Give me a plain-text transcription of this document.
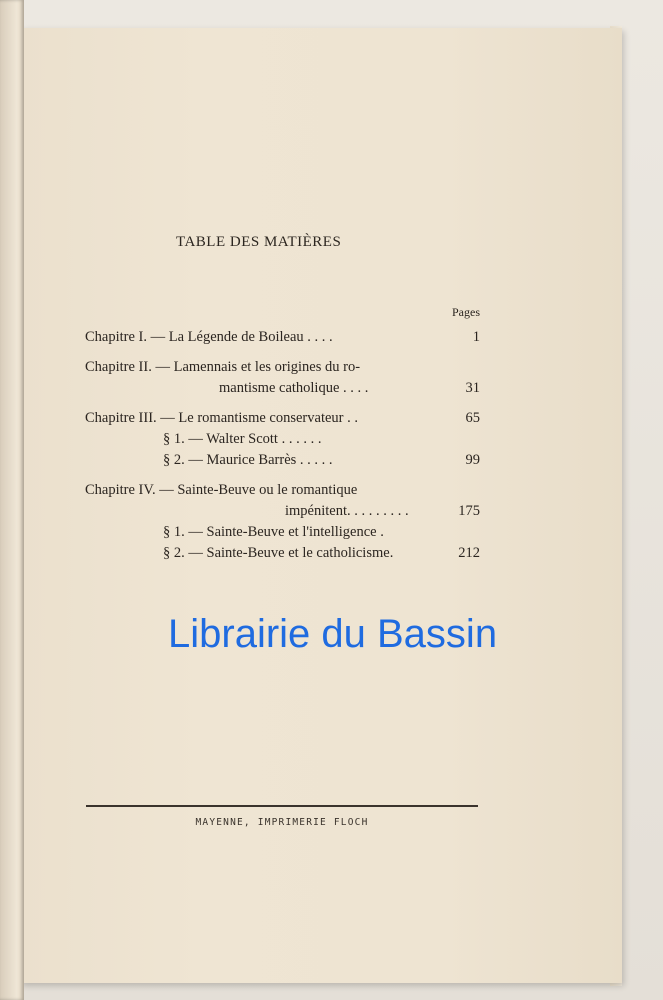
TABLE DES MATIÈRES
Pages
Chapitre I. — La Légende de Boileau . . . .	1
Chapitre II. — Lamennais et les origines du ro-
mantisme catholique . . . .	31
Chapitre III. — Le romantisme conservateur . .	65
§ 1. — Walter Scott . . . . . .
§ 2. — Maurice Barrès . . . . .	99
Chapitre IV. — Sainte-Beuve ou le romantique
impénitent. . . . . . . . .	175
§ 1. — Sainte-Beuve et l'intelligence .
§ 2. — Sainte-Beuve et le catholicisme.	212
Librairie du Bassin
MAYENNE, IMPRIMERIE FLOCH
